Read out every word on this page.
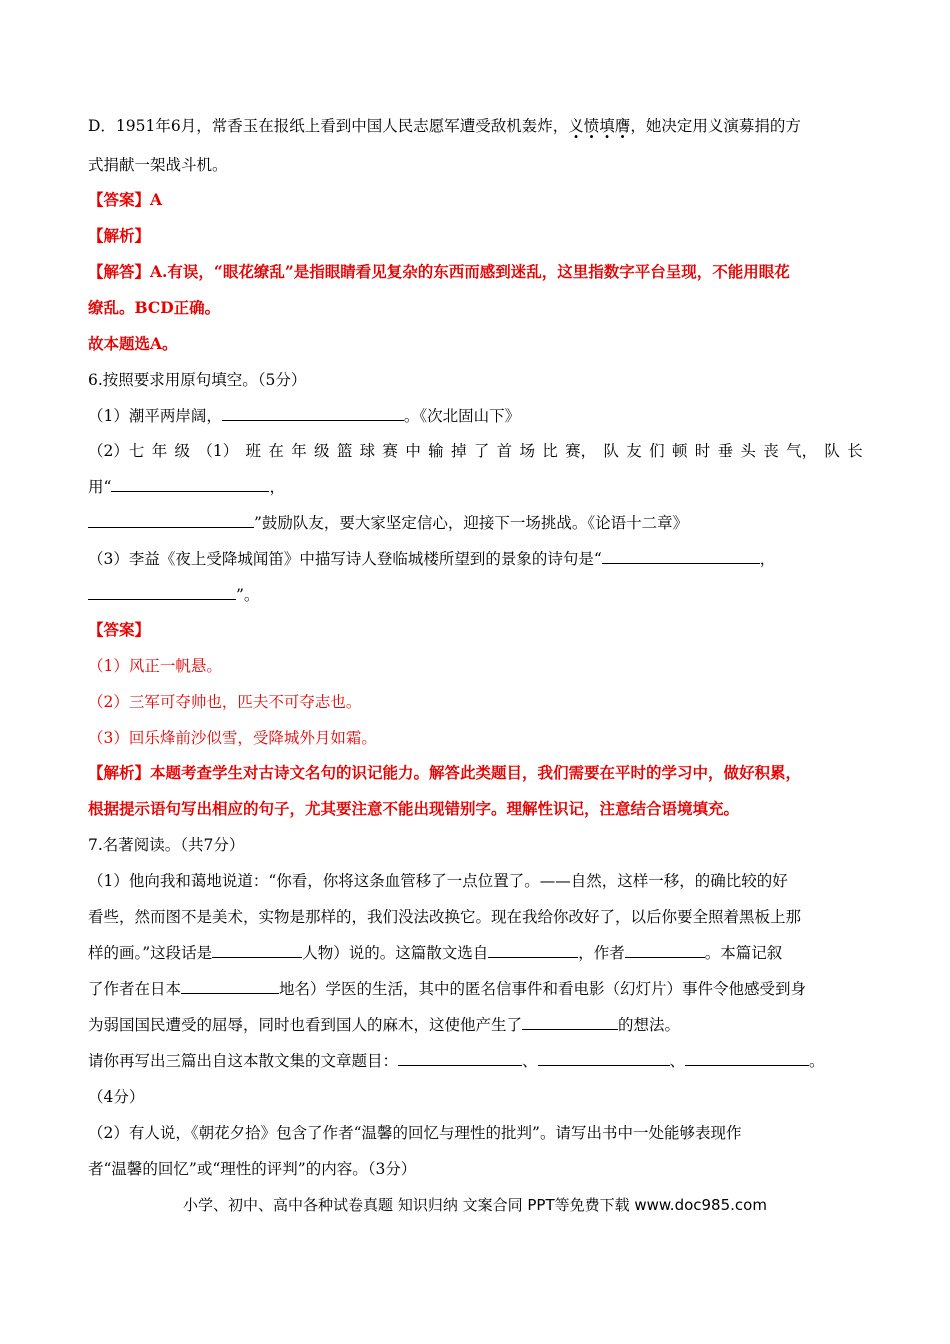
D．1951年6月，常香玉在报纸上看到中国人民志愿军遭受敌机轰炸，义愤填膺，她决定用义演募捐的方
式捐献一架战斗机。
【答案】A
【解析】
【解答】A.有误，“眼花缭乱”是指眼睛看见复杂的东西而感到迷乱，这里指数字平台呈现，不能用眼花
缭乱。BCD正确。
故本题选A。
6.按照要求用原句填空。（5分）
（1）潮平两岸阔，	。《次北固山下》
（2）七 年 级 （1） 班 在 年 级 篮 球 赛 中 输 掉 了 首 场 比 赛， 队 友 们 顿 时 垂 头 丧 气， 队 长
用“	，
”鼓励队友，要大家坚定信心，迎接下一场挑战。《论语十二章》
（3）李益《夜上受降城闻笛》中描写诗人登临城楼所望到的景象的诗句是“	，
”。
【答案】
（1）风正一帆悬。
（2）三军可夺帅也，匹夫不可夺志也。
（3）回乐烽前沙似雪，受降城外月如霜。
【解析】本题考查学生对古诗文名句的识记能力。解答此类题目，我们需要在平时的学习中，做好积累，
根据提示语句写出相应的句子，尤其要注意不能出现错别字。理解性识记，注意结合语境填充。
7.名著阅读。（共7分）
（1）他向我和蔼地说道：“你看，你将这条血管移了一点位置了。——自然，这样一移，的确比较的好
看些，然而图不是美术，实物是那样的，我们没法改换它。现在我给你改好了，以后你要全照着黑板上那
样的画。”这段话是	人物）说的。这篇散文选自	，作者	。本篇记叙
了作者在日本	地名）学医的生活，其中的匿名信事件和看电影（幻灯片）事件令他感受到身
为弱国国民遭受的屈辱，同时也看到国人的麻木，这使他产生了	的想法。
请你再写出三篇出自这本散文集的文章题目：	、	、	。
（4分）
（2）有人说，《朝花夕拾》包含了作者“温馨的回忆与理性的批判”。请写出书中一处能够表现作
者“温馨的回忆”或“理性的评判”的内容。（3分）
小学、初中、高中各种试卷真题 知识归纳 文案合同 PPT等免费下载 www.doc985.com
